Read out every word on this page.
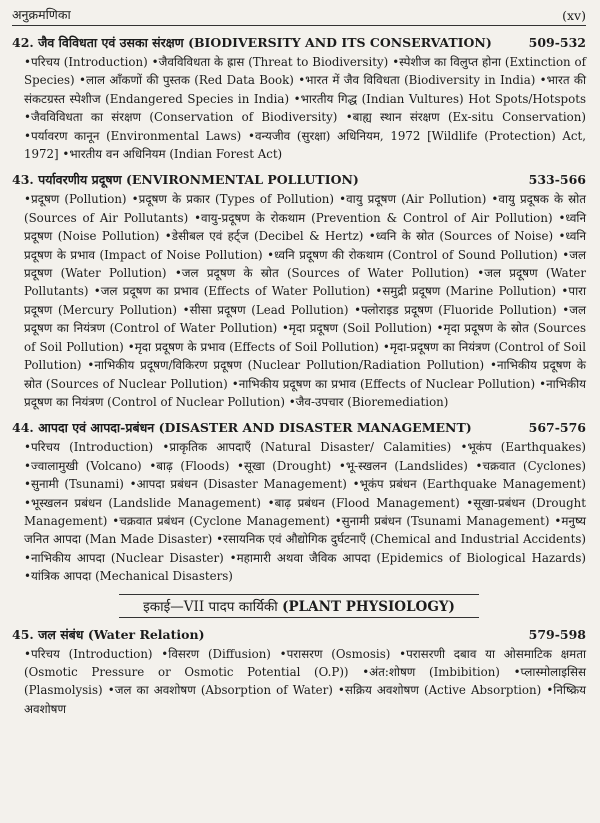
अनुक्रमणिका	(xv)
42. जैव विविधता एवं उसका संरक्षण (BIODIVERSITY AND ITS CONSERVATION)	509-532
•परिचय (Introduction) •जैवविविधता के ह्रास (Threat to Biodiversity) •स्पेशीज का विलुप्त होना (Extinction of Species) •लाल आँकणों की पुस्तक (Red Data Book) •भारत में जैव विविधता (Biodiversity in India) •भारत की संकटग्रस्त स्पेशीज (Endangered Species in India) •भारतीय गिद्ध (Indian Vultures) Hot Spots/Hotspots •जैवविविधता का संरक्षण (Conservation of Biodiversity) •बाह्य स्थान संरक्षण (Ex-situ Conservation) •पर्यावरण कानून (Environmental Laws) •वन्यजीव (सुरक्षा) अधिनियम, 1972 [Wildlife (Protection) Act, 1972] •भारतीय वन अधिनियम (Indian Forest Act)
43. पर्यावरणीय प्रदूषण (ENVIRONMENTAL POLLUTION)	533-566
•प्रदूषण (Pollution) •प्रदूषण के प्रकार (Types of Pollution) •वायु प्रदूषण (Air Pollution) •वायु प्रदूषक के स्रोत (Sources of Air Pollutants) •वायु-प्रदूषण के रोकथाम (Prevention & Control of Air Pollution) •ध्वनि प्रदूषण (Noise Pollution) •डेसीबल एवं हर्ट्ज (Decibel & Hertz) •ध्वनि के स्रोत (Sources of Noise) •ध्वनि प्रदूषण के प्रभाव (Impact of Noise Pollution) •ध्वनि प्रदूषण की रोकथाम (Control of Sound Pollution) •जल प्रदूषण (Water Pollution) •जल प्रदूषण के स्रोत (Sources of Water Pollution) •जल प्रदूषण (Water Pollutants) •जल प्रदूषण का प्रभाव (Effects of Water Pollution) •समुद्री प्रदूषण (Marine Pollution) •पारा प्रदूषण (Mercury Pollution) •सीसा प्रदूषण (Lead Pollution) •फ्लोराइड प्रदूषण (Fluoride Pollution) •जल प्रदूषण का नियंत्रण (Control of Water Pollution) •मृदा प्रदूषण (Soil Pollution) •मृदा प्रदूषण के स्रोत (Sources of Soil Pollution) •मृदा प्रदूषण के प्रभाव (Effects of Soil Pollution) •मृदा-प्रदूषण का नियंत्रण (Control of Soil Pollution) •नाभिकीय प्रदूषण/विकिरण प्रदूषण (Nuclear Pollution/Radiation Pollution) •नाभिकीय प्रदूषण के स्रोत (Sources of Nuclear Pollution) •नाभिकीय प्रदूषण का प्रभाव (Effects of Nuclear Pollution) •नाभिकीय प्रदूषण का नियंत्रण (Control of Nuclear Pollution) •जैव-उपचार (Bioremediation)
44. आपदा एवं आपदा-प्रबंधन (DISASTER AND DISASTER MANAGEMENT)	567-576
•परिचय (Introduction) •प्राकृतिक आपदाएँ (Natural Disaster/ Calamities) •भूकंप (Earthquakes) •ज्वालामुखी (Volcano) •बाढ़ (Floods) •सूखा (Drought) •भू-स्खलन (Landslides) •चक्रवात (Cyclones) •सुनामी (Tsunami) •आपदा प्रबंधन (Disaster Management) •भूकंप प्रबंधन (Earthquake Management) •भूस्खलन प्रबंधन (Landslide Management) •बाढ़ प्रबंधन (Flood Management) •सूखा-प्रबंधन (Drought Management) •चक्रवात प्रबंधन (Cyclone Management) •सुनामी प्रबंधन (Tsunami Management) •मनुष्य जनित आपदा (Man Made Disaster) •रसायनिक एवं औद्योगिक दुर्घटनाएँ (Chemical and Industrial Accidents) •नाभिकीय आपदा (Nuclear Disaster) •महामारी अथवा जैविक आपदा (Epidemics of Biological Hazards) •यांत्रिक आपदा (Mechanical Disasters)
इकाई—VII पादप कार्यिकी (PLANT PHYSIOLOGY)
45. जल संबंध (Water Relation)	579-598
•परिचय (Introduction) •विसरण (Diffusion) •परासरण (Osmosis) •परासरणी दबाव या ओसमाटिक क्षमता (Osmotic Pressure or Osmotic Potential (O.P)) •अंत:शोषण (Imbibition) •प्लास्मोलाइसिस (Plasmolysis) •जल का अवशोषण (Absorption of Water) •सक्रिय अवशोषण (Active Absorption) •निष्क्रिय अवशोषण
